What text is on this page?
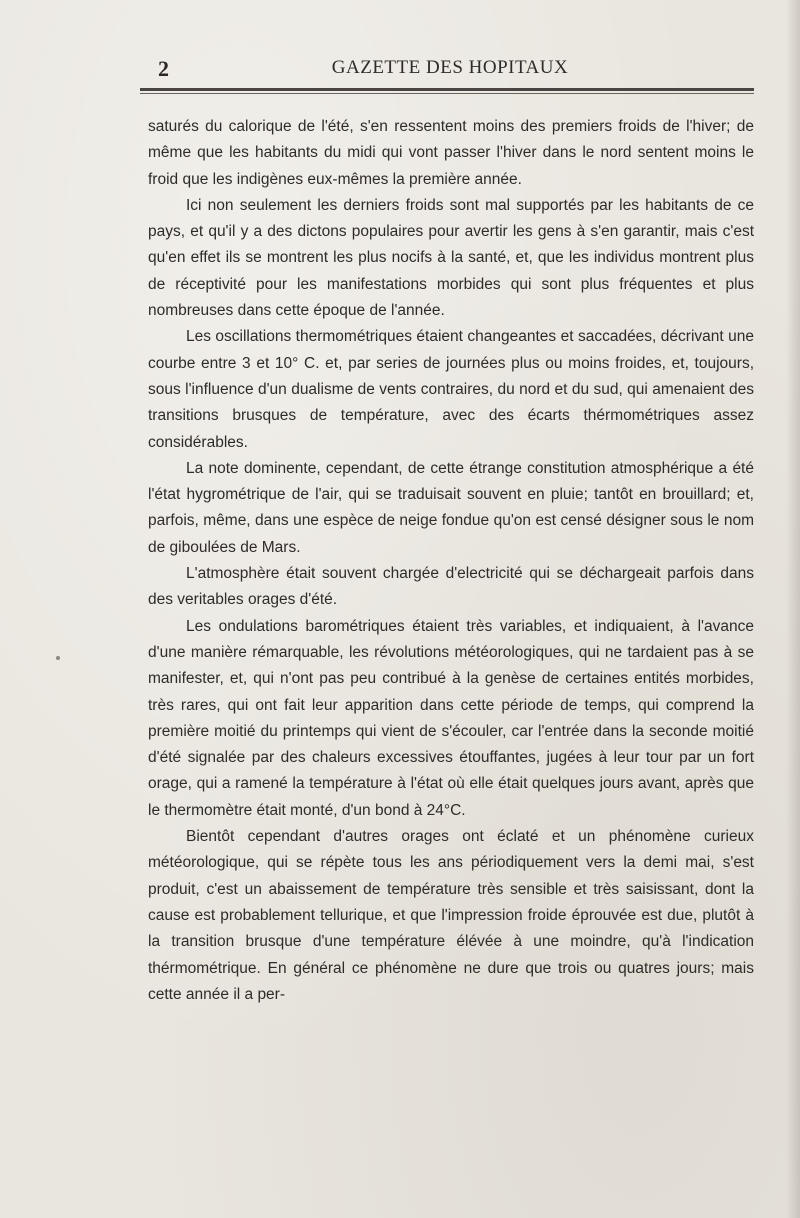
2	GAZETTE DES HOPITAUX

saturés du calorique de l'été, s'en ressentent moins des premiers froids de l'hiver; de même que les habitants du midi qui vont passer l'hiver dans le nord sentent moins le froid que les indigènes eux-mêmes la première année.

Ici non seulement les derniers froids sont mal supportés par les habitants de ce pays, et qu'il y a des dictons populaires pour avertir les gens à s'en garantir, mais c'est qu'en effet ils se montrent les plus nocifs à la santé, et, que les individus montrent plus de réceptivité pour les manifestations morbides qui sont plus fréquentes et plus nombreuses dans cette époque de l'année.

Les oscillations thermométriques étaient changeantes et saccadées, décrivant une courbe entre 3 et 10° C. et, par series de journées plus ou moins froides, et, toujours, sous l'influence d'un dualisme de vents contraires, du nord et du sud, qui amenaient des transitions brusques de température, avec des écarts thérmométriques assez considérables.

La note dominente, cependant, de cette étrange constitution atmosphérique a été l'état hygrométrique de l'air, qui se traduisait souvent en pluie; tantôt en brouillard; et, parfois, même, dans une espèce de neige fondue qu'on est censé désigner sous le nom de giboulées de Mars.

L'atmosphère était souvent chargée d'electricité qui se déchargeait parfois dans des veritables orages d'été.

Les ondulations barométriques étaient très variables, et indiquaient, à l'avance d'une manière rémarquable, les révolutions météorologiques, qui ne tardaient pas à se manifester, et, qui n'ont pas peu contribué à la genèse de certaines entités morbides, très rares, qui ont fait leur apparition dans cette période de temps, qui comprend la première moitié du printemps qui vient de s'écouler, car l'entrée dans la seconde moitié d'été signalée par des chaleurs excessives étouffantes, jugées à leur tour par un fort orage, qui a ramené la température à l'état où elle était quelques jours avant, après que le thermomètre était monté, d'un bond à 24°C.

Bientôt cependant d'autres orages ont éclaté et un phénomène curieux météorologique, qui se répète tous les ans périodiquement vers la demi mai, s'est produit, c'est un abaissement de température très sensible et très saisissant, dont la cause est probablement tellurique, et que l'impression froide éprouvée est due, plutôt à la transition brusque d'une température élévée à une moindre, qu'à l'indication thérmométrique. En général ce phénomène ne dure que trois ou quatres jours; mais cette année il a per-
